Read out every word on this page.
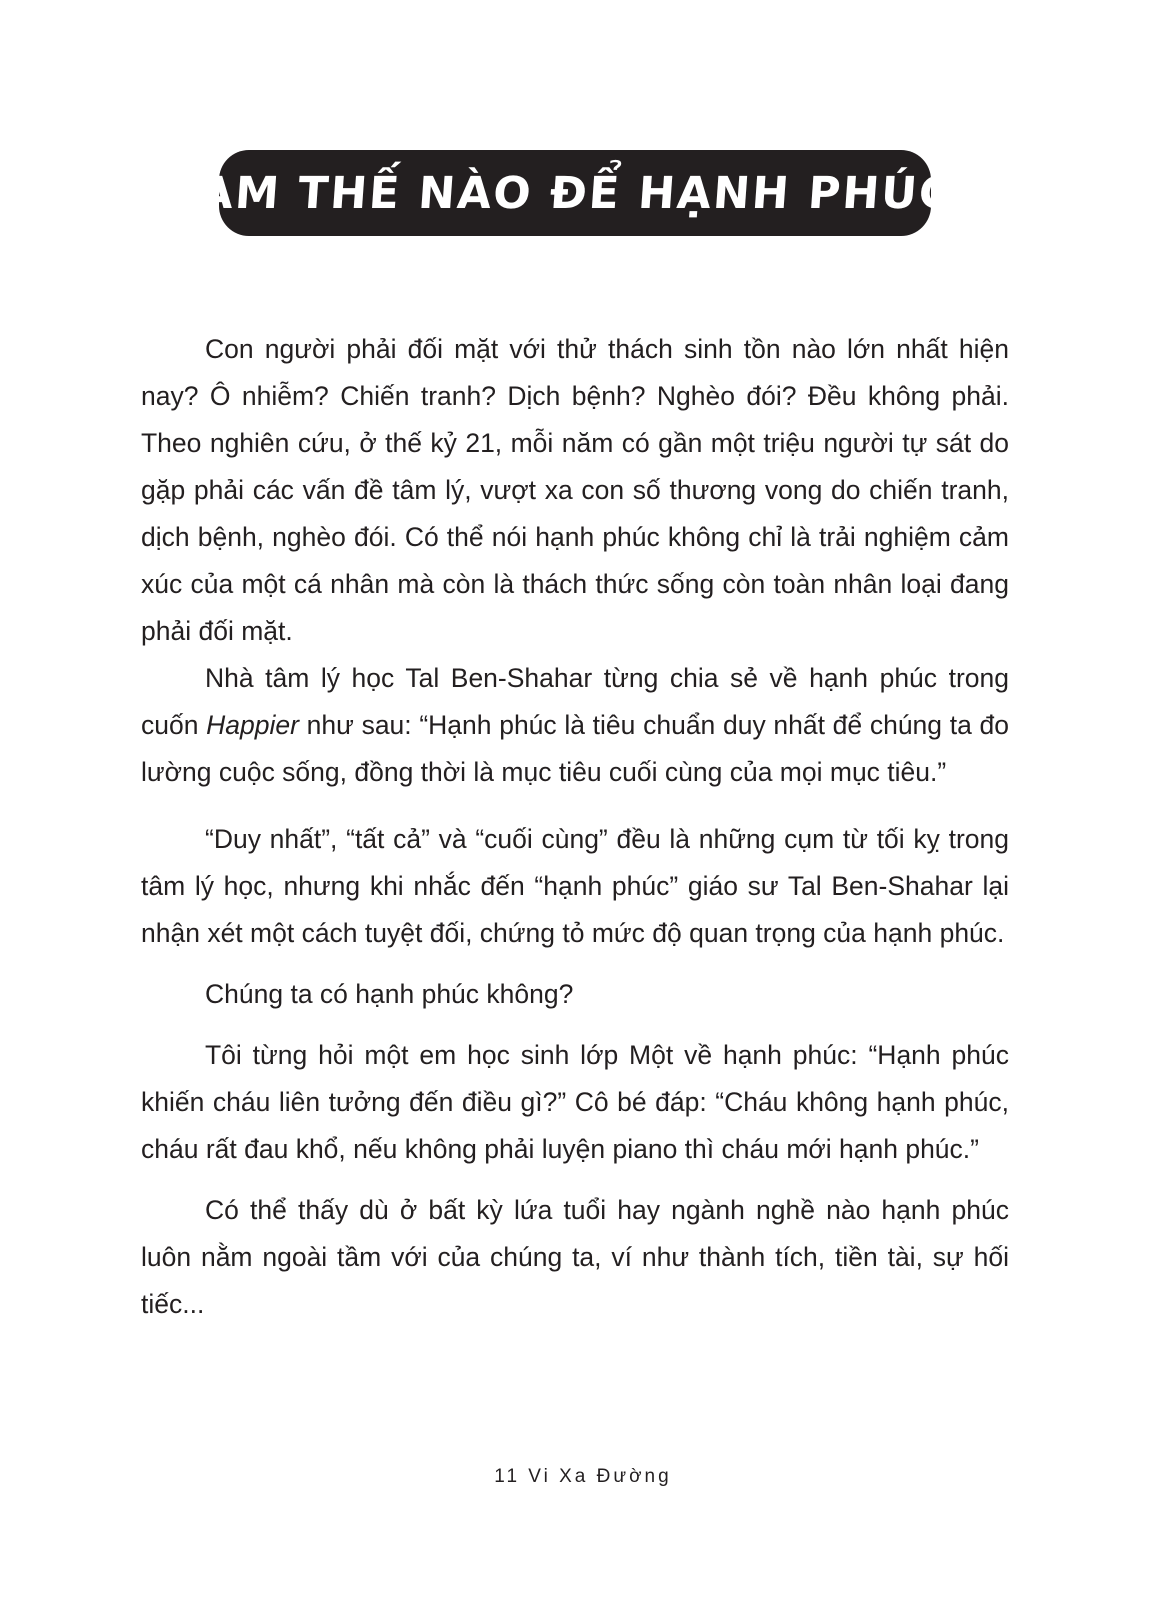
LÀM THẾ NÀO ĐỂ HẠNH PHÚC?

Con người phải đối mặt với thử thách sinh tồn nào lớn nhất hiện nay? Ô nhiễm? Chiến tranh? Dịch bệnh? Nghèo đói? Đều không phải. Theo nghiên cứu, ở thế kỷ 21, mỗi năm có gần một triệu người tự sát do gặp phải các vấn đề tâm lý, vượt xa con số thương vong do chiến tranh, dịch bệnh, nghèo đói. Có thể nói hạnh phúc không chỉ là trải nghiệm cảm xúc của một cá nhân mà còn là thách thức sống còn toàn nhân loại đang phải đối mặt.

Nhà tâm lý học Tal Ben-Shahar từng chia sẻ về hạnh phúc trong cuốn Happier như sau: “Hạnh phúc là tiêu chuẩn duy nhất để chúng ta đo lường cuộc sống, đồng thời là mục tiêu cuối cùng của mọi mục tiêu.”

“Duy nhất”, “tất cả” và “cuối cùng” đều là những cụm từ tối kỵ trong tâm lý học, nhưng khi nhắc đến “hạnh phúc” giáo sư Tal Ben-Shahar lại nhận xét một cách tuyệt đối, chứng tỏ mức độ quan trọng của hạnh phúc.

Chúng ta có hạnh phúc không?

Tôi từng hỏi một em học sinh lớp Một về hạnh phúc: “Hạnh phúc khiến cháu liên tưởng đến điều gì?” Cô bé đáp: “Cháu không hạnh phúc, cháu rất đau khổ, nếu không phải luyện piano thì cháu mới hạnh phúc.”

Có thể thấy dù ở bất kỳ lứa tuổi hay ngành nghề nào hạnh phúc luôn nằm ngoài tầm với của chúng ta, ví như thành tích, tiền tài, sự hối tiếc...

11 Vi Xa Đường
